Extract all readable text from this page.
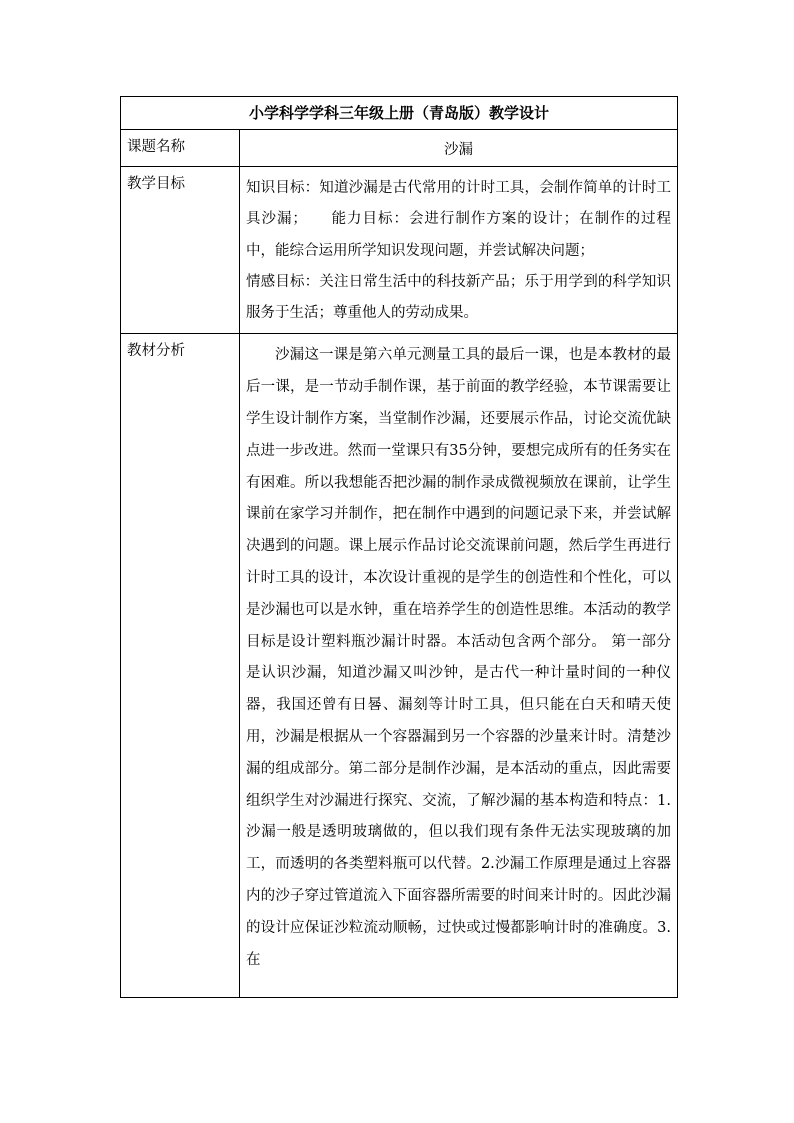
小学科学学科三年级上册（青岛版）教学设计	
课题名称	沙漏
教学目标	知识目标：知道沙漏是古代常用的计时工具，会制作简单的计时工具沙漏；　　能力目标：会进行制作方案的设计；在制作的过程中，能综合运用所学知识发现问题，并尝试解决问题；

情感目标：关注日常生活中的科技新产品；乐于用学到的科学知识服务于生活；尊重他人的劳动成果。

教材分析	沙漏这一课是第六单元测量工具的最后一课，也是本教材的最后一课，是一节动手制作课，基于前面的教学经验，本节课需要让学生设计制作方案，当堂制作沙漏，还要展示作品，讨论交流优缺点进一步改进。然而一堂课只有35分钟，要想完成所有的任务实在有困难。所以我想能否把沙漏的制作录成微视频放在课前，让学生课前在家学习并制作，把在制作中遇到的问题记录下来，并尝试解决遇到的问题。课上展示作品讨论交流课前问题，然后学生再进行计时工具的设计，本次设计重视的是学生的创造性和个性化，可以是沙漏也可以是水钟，重在培养学生的创造性思维。本活动的教学目标是设计塑料瓶沙漏计时器。本活动包含两个部分。 第一部分是认识沙漏，知道沙漏又叫沙钟，是古代一种计量时间的一种仪器，我国还曾有日晷、漏刻等计时工具，但只能在白天和晴天使用，沙漏是根据从一个容器漏到另一个容器的沙量来计时。清楚沙漏的组成部分。第二部分是制作沙漏，是本活动的重点，因此需要组织学生对沙漏进行探究、交流，了解沙漏的基本构造和特点：1.沙漏一般是透明玻璃做的，但以我们现有条件无法实现玻璃的加工，而透明的各类塑料瓶可以代替。2.沙漏工作原理是通过上容器内的沙子穿过管道流入下面容器所需要的时间来计时的。因此沙漏的设计应保证沙粒流动顺畅，过快或过慢都影响计时的准确度。3.在
